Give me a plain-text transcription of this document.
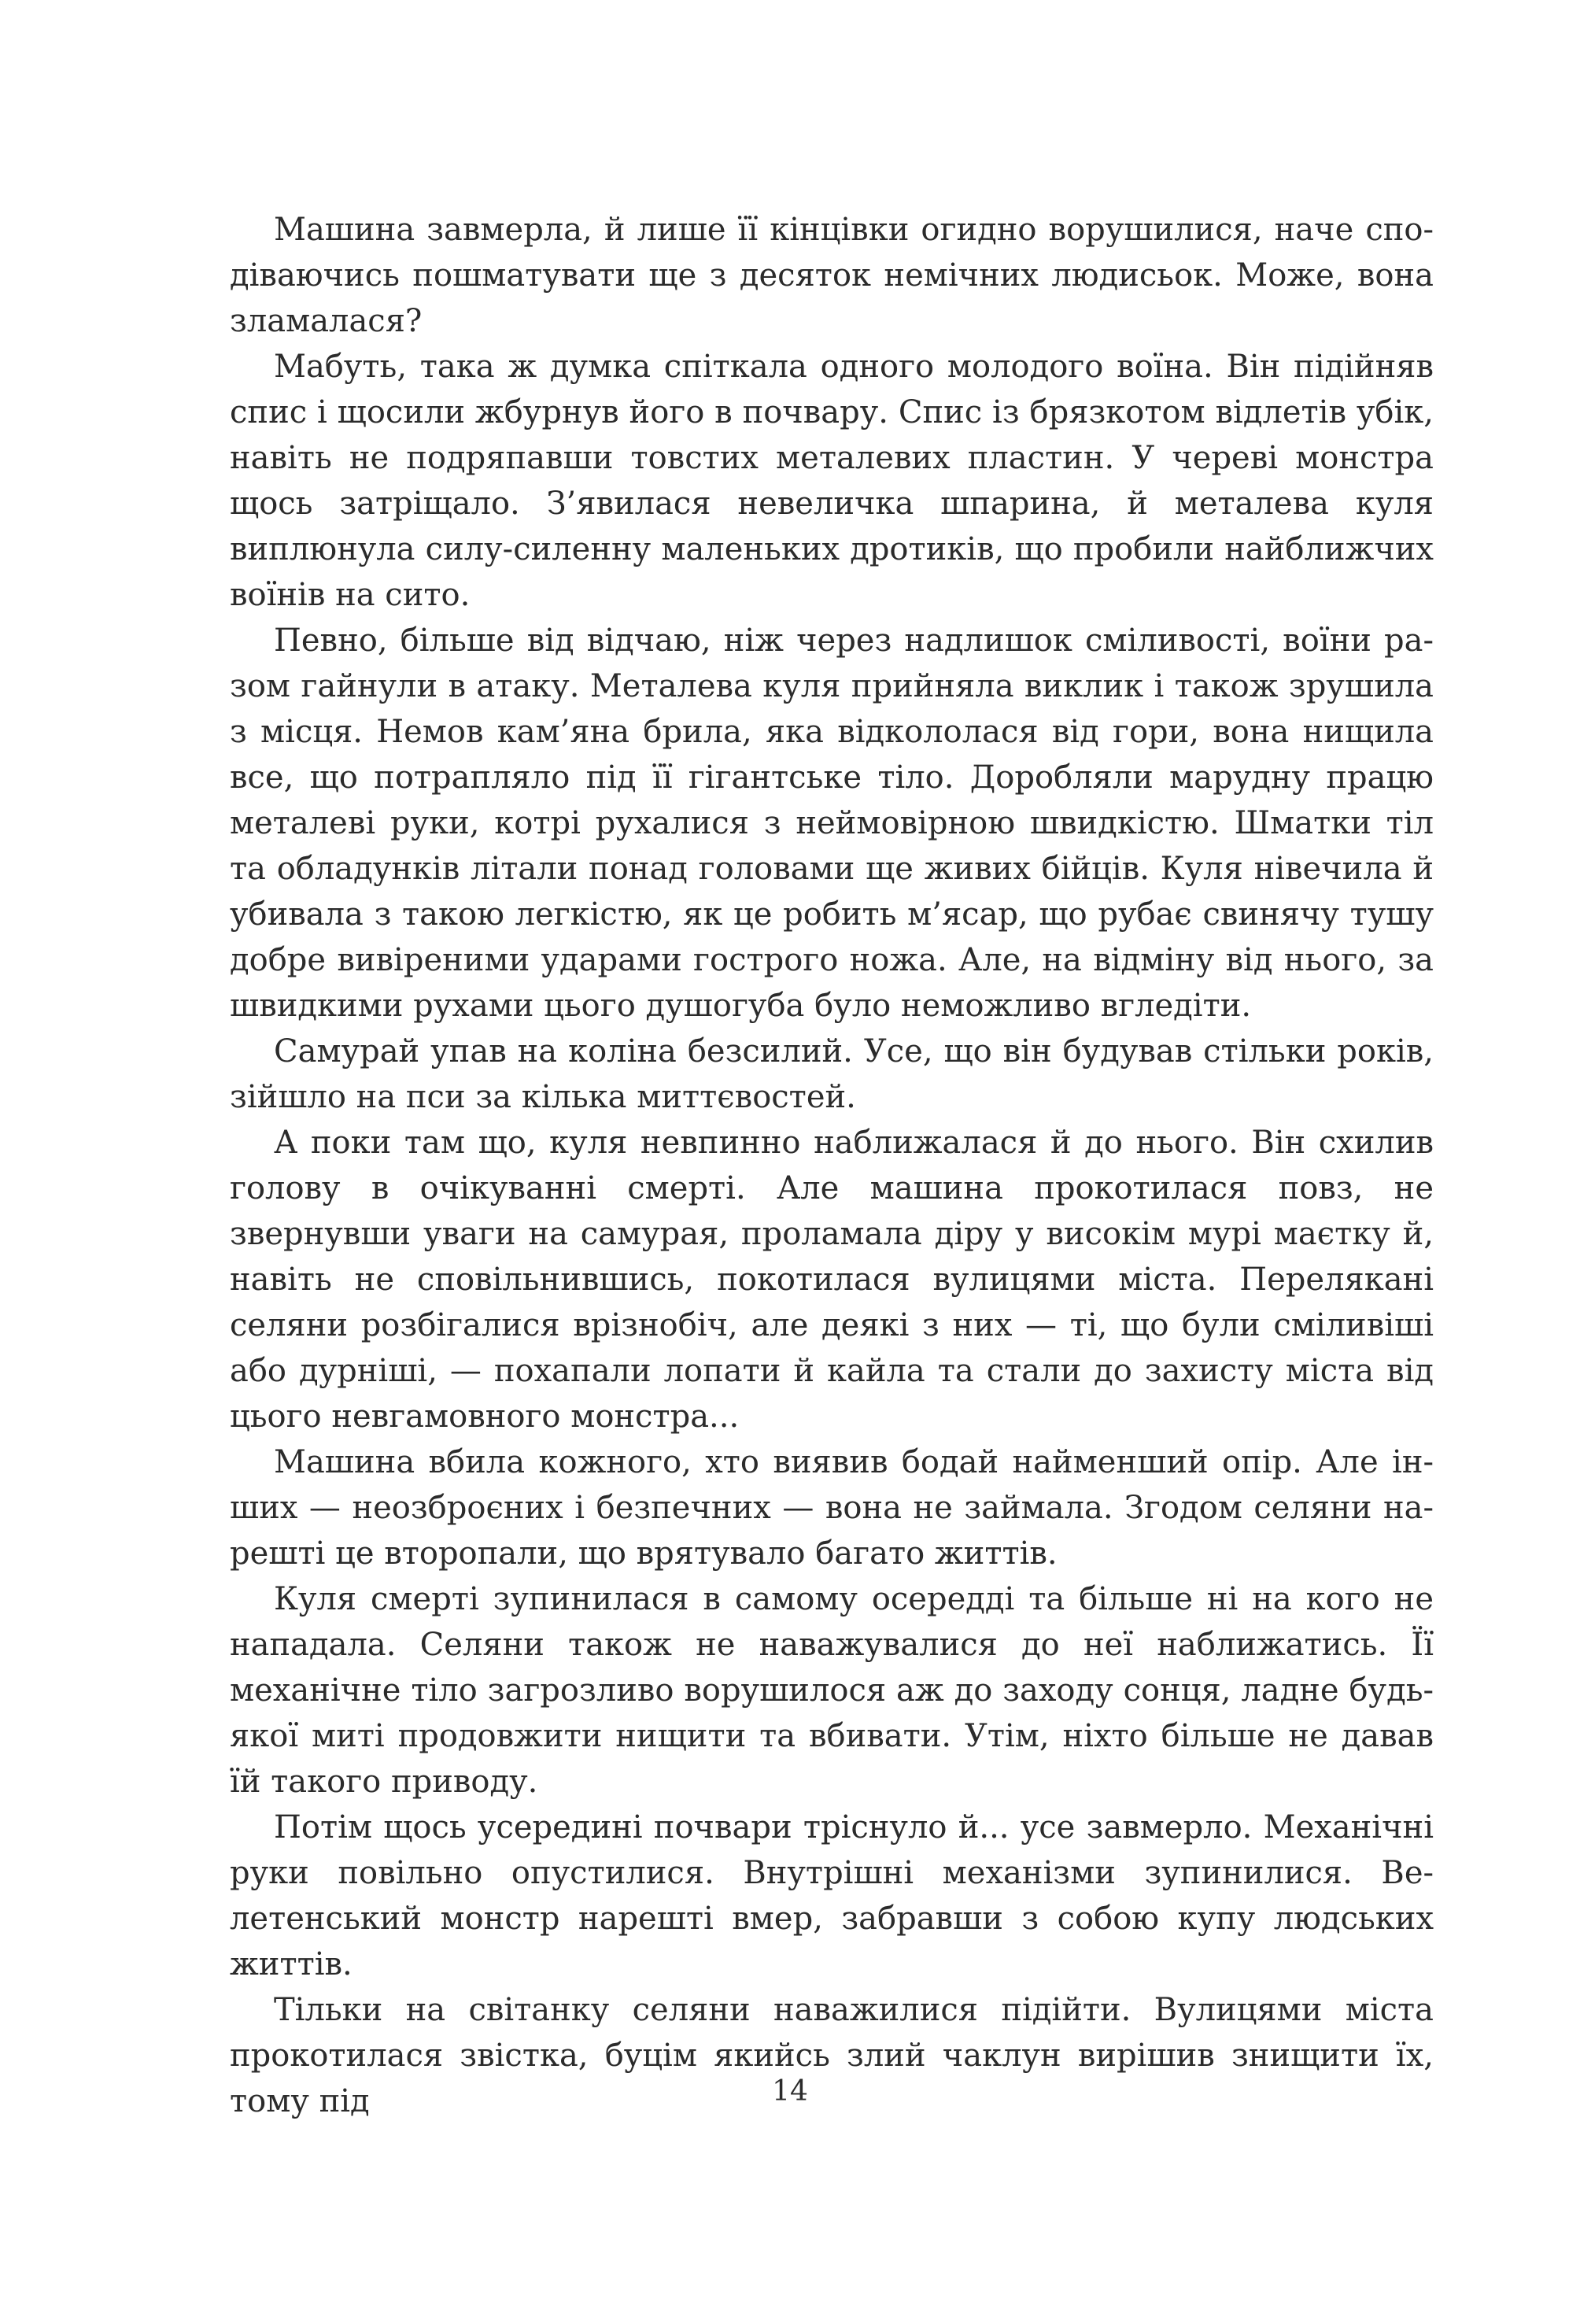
Машина завмерла, й лише її кінцівки огидно ворушилися, наче сподіваючись пошматувати ще з десяток немічних людисьок. Може, вона зламалася?

Мабуть, така ж думка спіткала одного молодого воїна. Він підійняв спис і щосили жбурнув його в почвару. Спис із брязкотом відлетів убік, навіть не подряпавши товстих металевих пластин. У череві монстра щось затріщало. З’явилася невеличка шпарина, й металева куля виплюнула силу-силенну маленьких дротиків, що пробили найближчих воїнів на сито.

Певно, більше від відчаю, ніж через надлишок сміливості, воїни разом гайнули в атаку. Металева куля прийняла виклик і також зрушила з місця. Немов кам’яна брила, яка відкололася від гори, вона нищила все, що потрапляло під її гігантське тіло. Доробляли марудну працю металеві руки, котрі рухалися з неймовірною швидкістю. Шматки тіл та обладунків літали понад головами ще живих бійців. Куля нівечила й убивала з такою легкістю, як це робить м’ясар, що рубає свинячу тушу добре вивіреними ударами гострого ножа. Але, на відміну від нього, за швидкими рухами цього душогуба було неможливо вгледіти.

Самурай упав на коліна безсилий. Усе, що він будував стільки років, зійшло на пси за кілька миттєвостей.

А поки там що, куля невпинно наближалася й до нього. Він схилив голову в очікуванні смерті. Але машина прокотилася повз, не звернувши уваги на самурая, проламала діру у високім мурі маєтку й, навіть не сповільнившись, покотилася вулицями міста. Перелякані селяни розбігалися врізнобіч, але деякі з них — ті, що були сміливіші або дурніші, — похапали лопати й кайла та стали до захисту міста від цього невгамовного монстра...

Машина вбила кожного, хто виявив бодай найменший опір. Але інших — неозброєних і безпечних — вона не займала. Згодом селяни нарешті це второпали, що врятувало багато життів.

Куля смерті зупинилася в самому осередді та більше ні на кого не нападала. Селяни також не наважувалися до неї наближатись. Її механічне тіло загрозливо ворушилося аж до заходу сонця, ладне будь-якої миті продовжити нищити та вбивати. Утім, ніхто більше не давав їй такого приводу.

Потім щось усередині почвари тріснуло й... усе завмерло. Механічні руки повільно опустилися. Внутрішні механізми зупинилися. Велетенський монстр нарешті вмер, забравши з собою купу людських життів.

Тільки на світанку селяни наважилися підійти. Вулицями міста прокотилася звістка, буцім якийсь злий чаклун вирішив знищити їх, тому під	14
